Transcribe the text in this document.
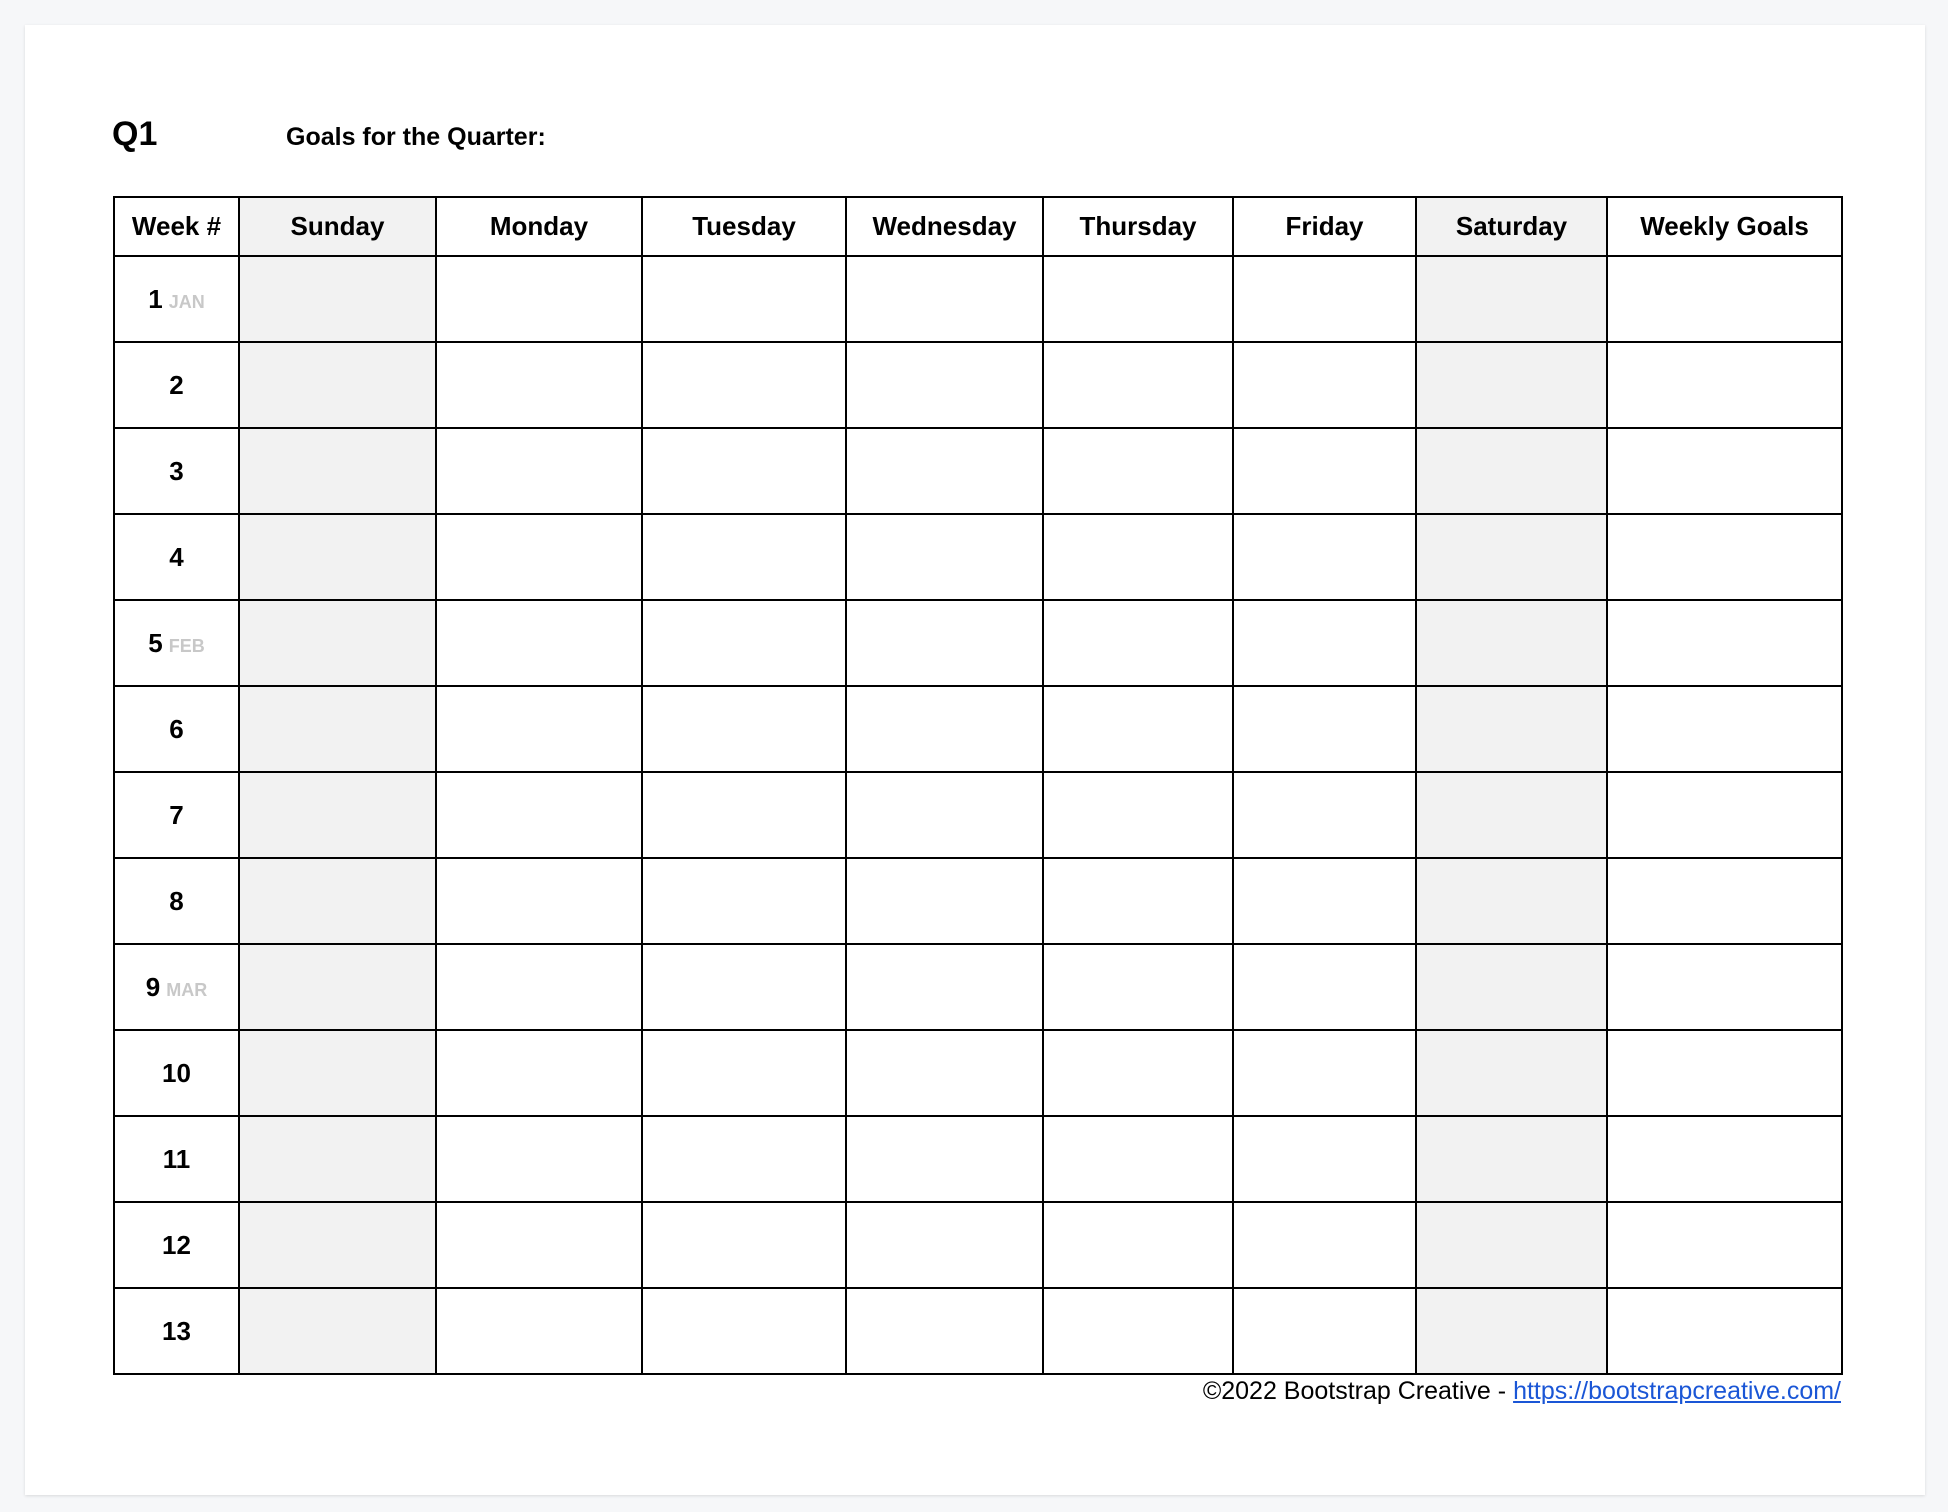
Q1	Goals for the Quarter:
Week #	Sunday	Monday	Tuesday	Wednesday	Thursday	Friday	Saturday	Weekly Goals
1 JAN								
2								
3								
4								
5 FEB								
6								
7								
8								
9 MAR								
10								
11								
12								
13								
©2022 Bootstrap Creative - https://bootstrapcreative.com/
